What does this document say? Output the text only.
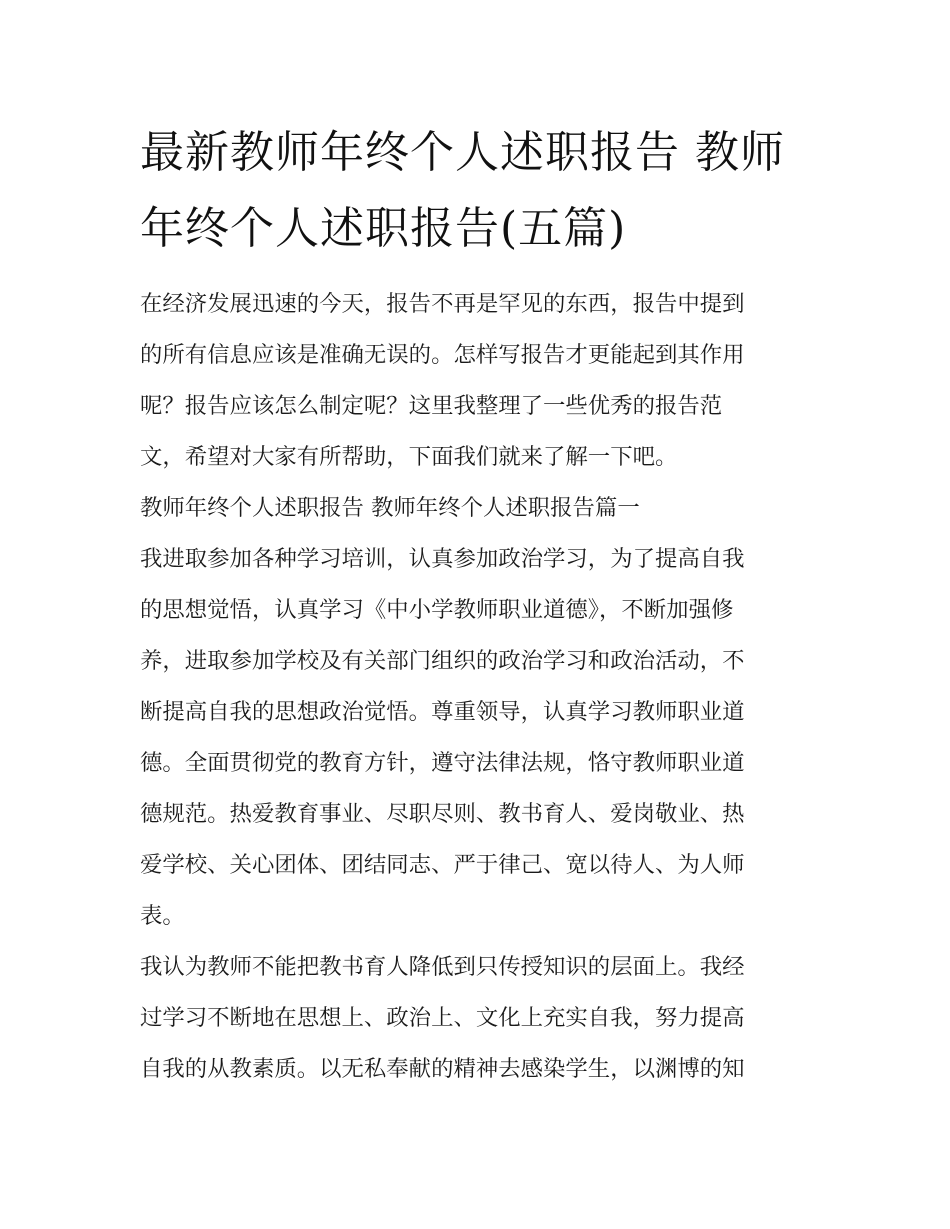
最新教师年终个人述职报告 教师年终个人述职报告(五篇)

在经济发展迅速的今天，报告不再是罕见的东西，报告中提到
的所有信息应该是准确无误的。怎样写报告才更能起到其作用
呢？报告应该怎么制定呢？这里我整理了一些优秀的报告范
文，希望对大家有所帮助，下面我们就来了解一下吧。

教师年终个人述职报告 教师年终个人述职报告篇一

我进取参加各种学习培训，认真参加政治学习，为了提高自我
的思想觉悟，认真学习《中小学教师职业道德》，不断加强修
养，进取参加学校及有关部门组织的政治学习和政治活动，不
断提高自我的思想政治觉悟。尊重领导，认真学习教师职业道
德。全面贯彻党的教育方针，遵守法律法规，恪守教师职业道
德规范。热爱教育事业、尽职尽则、教书育人、爱岗敬业、热
爱学校、关心团体、团结同志、严于律己、宽以待人、为人师
表。

我认为教师不能把教书育人降低到只传授知识的层面上。我经
过学习不断地在思想上、政治上、文化上充实自我，努力提高
自我的从教素质。以无私奉献的精神去感染学生，以渊博的知
